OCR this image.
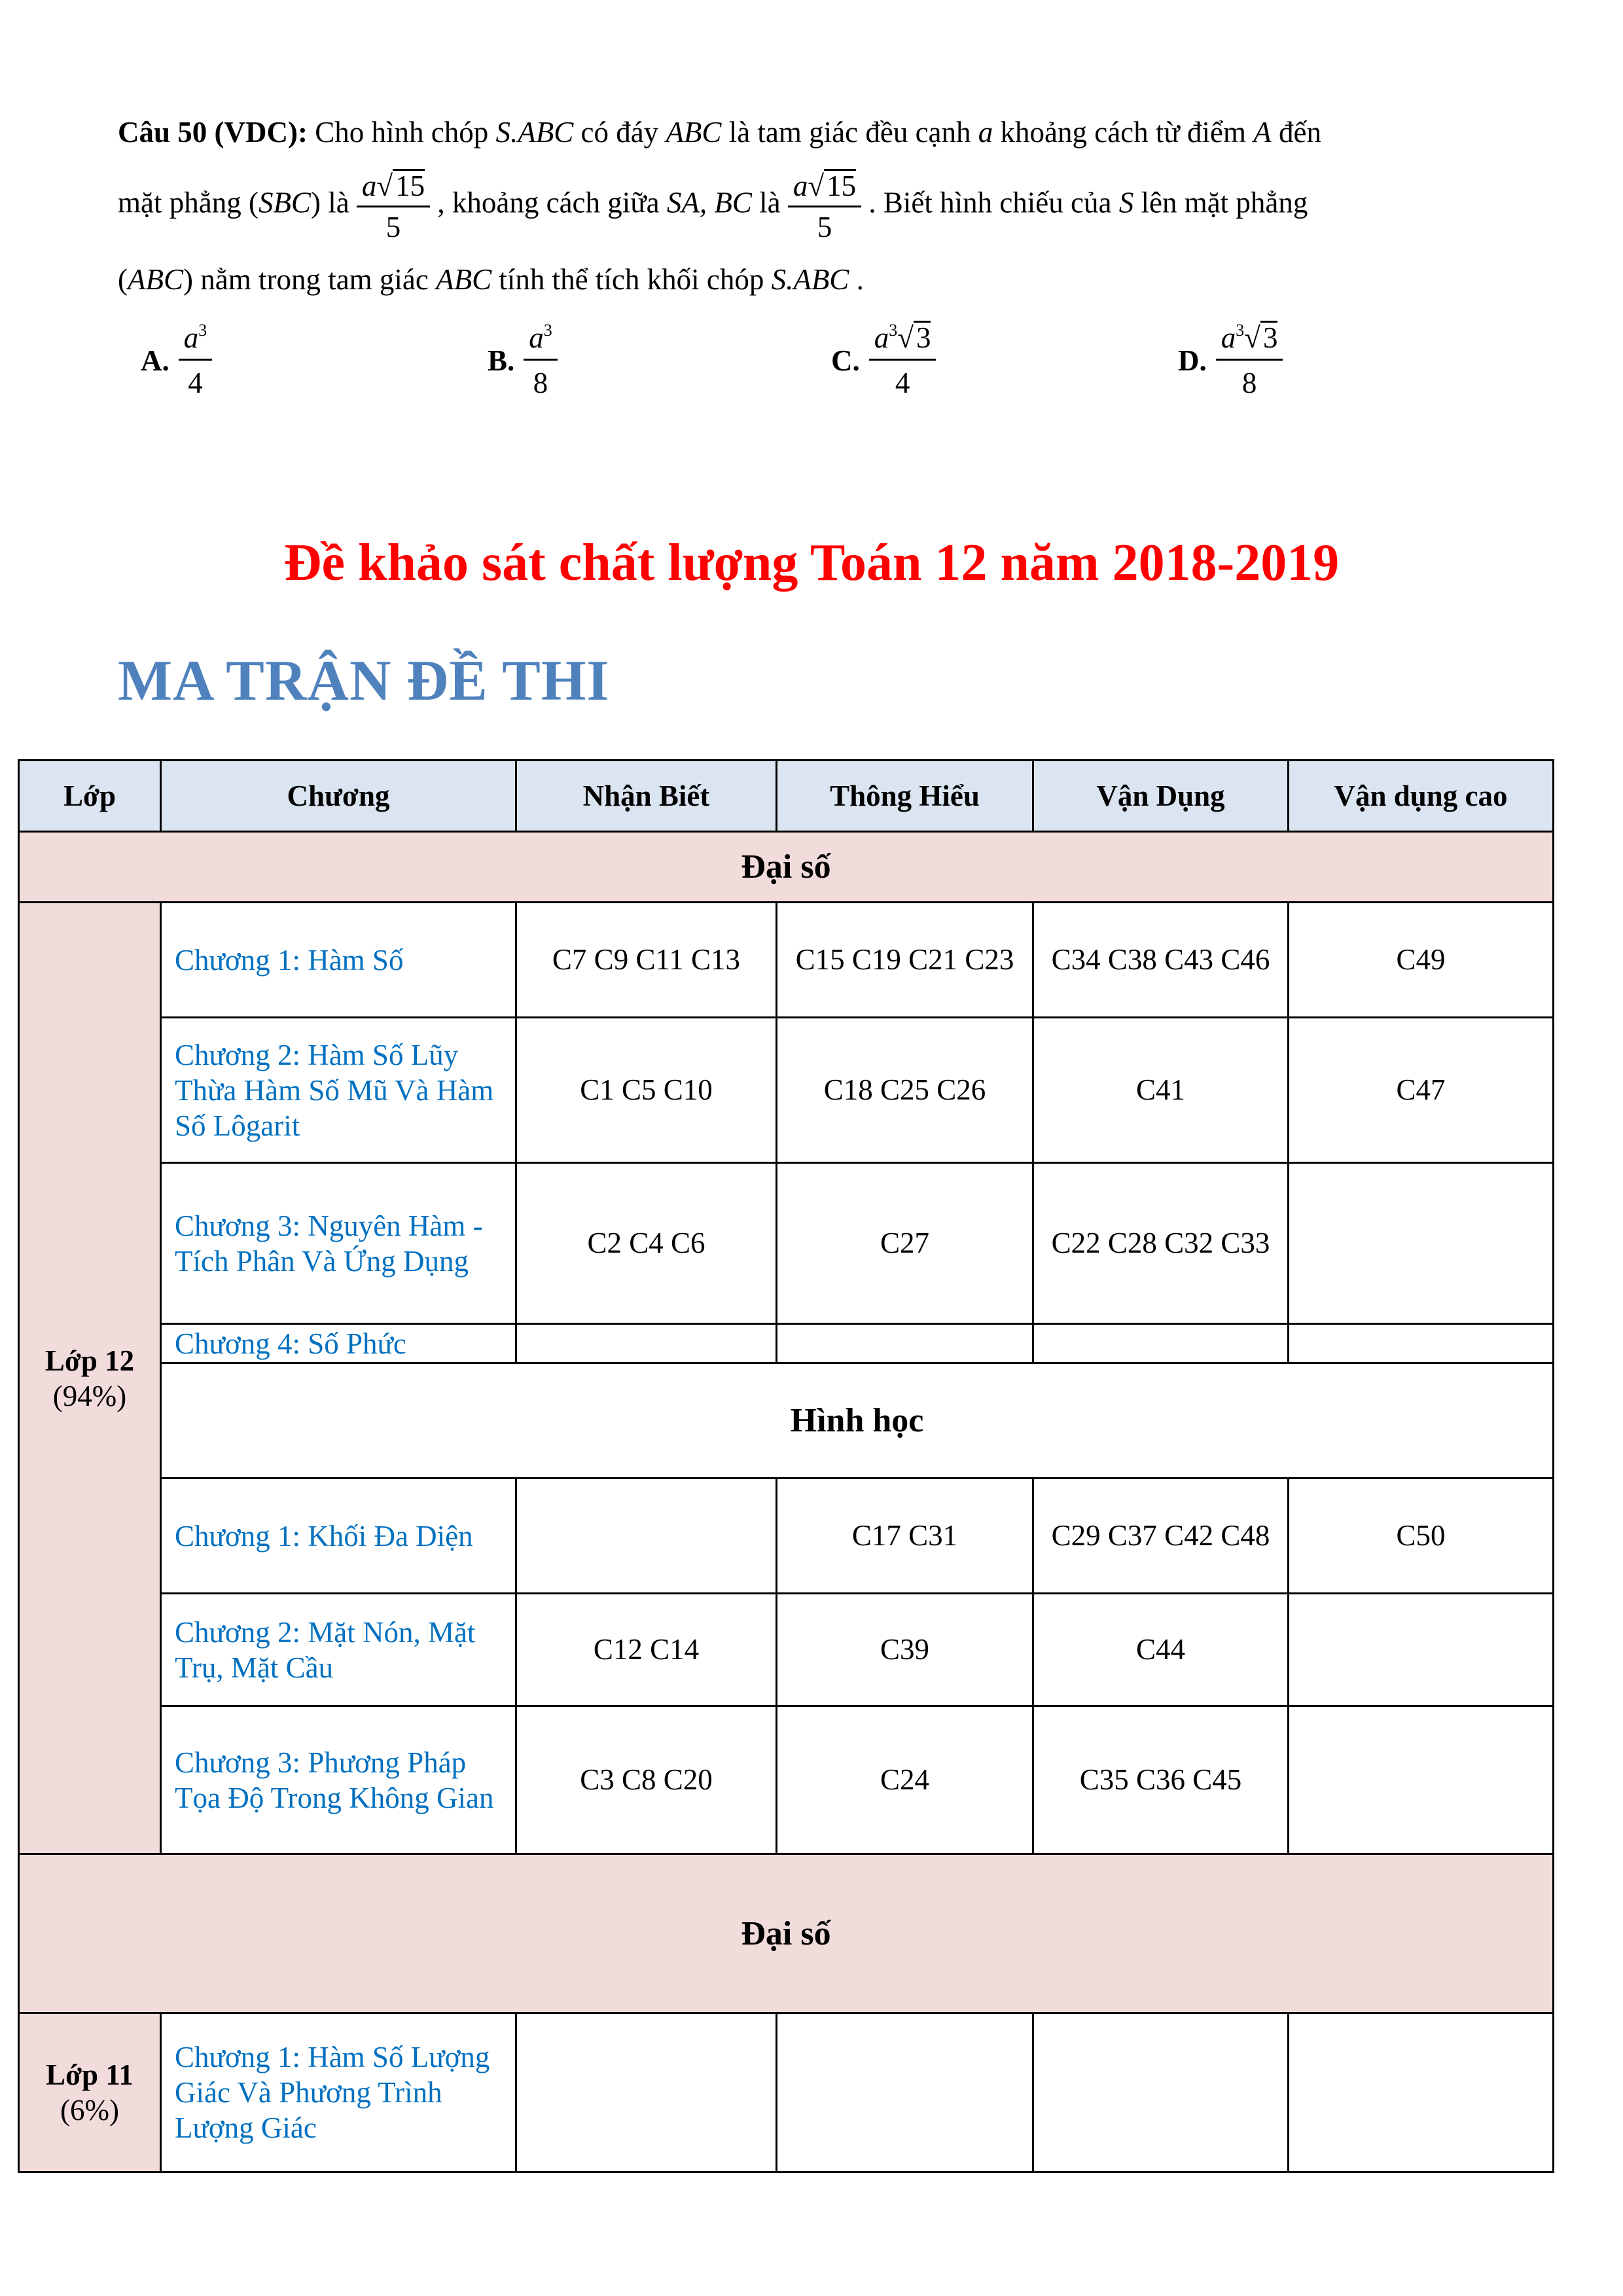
Câu 50 (VDC): Cho hình chóp S.ABC có đáy ABC là tam giác đều cạnh a khoảng cách từ điểm A đến
mặt phẳng (SBC) là $\frac{a√15}{5}$ , khoảng cách giữa SA, BC là $\frac{a√15}{5}$ . Biết hình chiếu của S lên mặt phẳng
(ABC) nằm trong tam giác ABC tính thể tích khối chóp S.ABC .
A. $\frac{a^3}{4}$	B. $\frac{a^3}{8}$	C. $\frac{a^3√3}{4}$	D. $\frac{a^3√3}{8}$
Đề khảo sát chất lượng Toán 12 năm 2018-2019
MA TRẬN ĐỀ THI
Lớp	Chương	Nhận Biết	Thông Hiểu	Vận Dụng	Vận dụng cao
Đại số					

Lớp 12
(94%)	Chương 1: Hàm Số	C7 C9 C11 C13	C15 C19 C21 C23	C34 C38 C43 C46	C49
	Chương 2: Hàm Số Lũy Thừa Hàm Số Mũ Và Hàm Số Lôgarit	C1 C5 C10	C18 C25 C26	C41	C47
	Chương 3: Nguyên Hàm - Tích Phân Và Ứng Dụng	C2 C4 C6	C27	C22 C28 C32 C33	
	Chương 4: Số Phức				
	Hình học				
	Chương 1: Khối Đa Diện		C17 C31	C29 C37 C42 C48	C50
	Chương 2: Mặt Nón, Mặt Trụ, Mặt Cầu	C12 C14	C39	C44	
	Chương 3: Phương Pháp Tọa Độ Trong Không Gian	C3 C8 C20	C24	C35 C36 C45	
Đại số					

Lớp 11
(6%)	Chương 1: Hàm Số Lượng Giác Và Phương Trình Lượng Giác				
